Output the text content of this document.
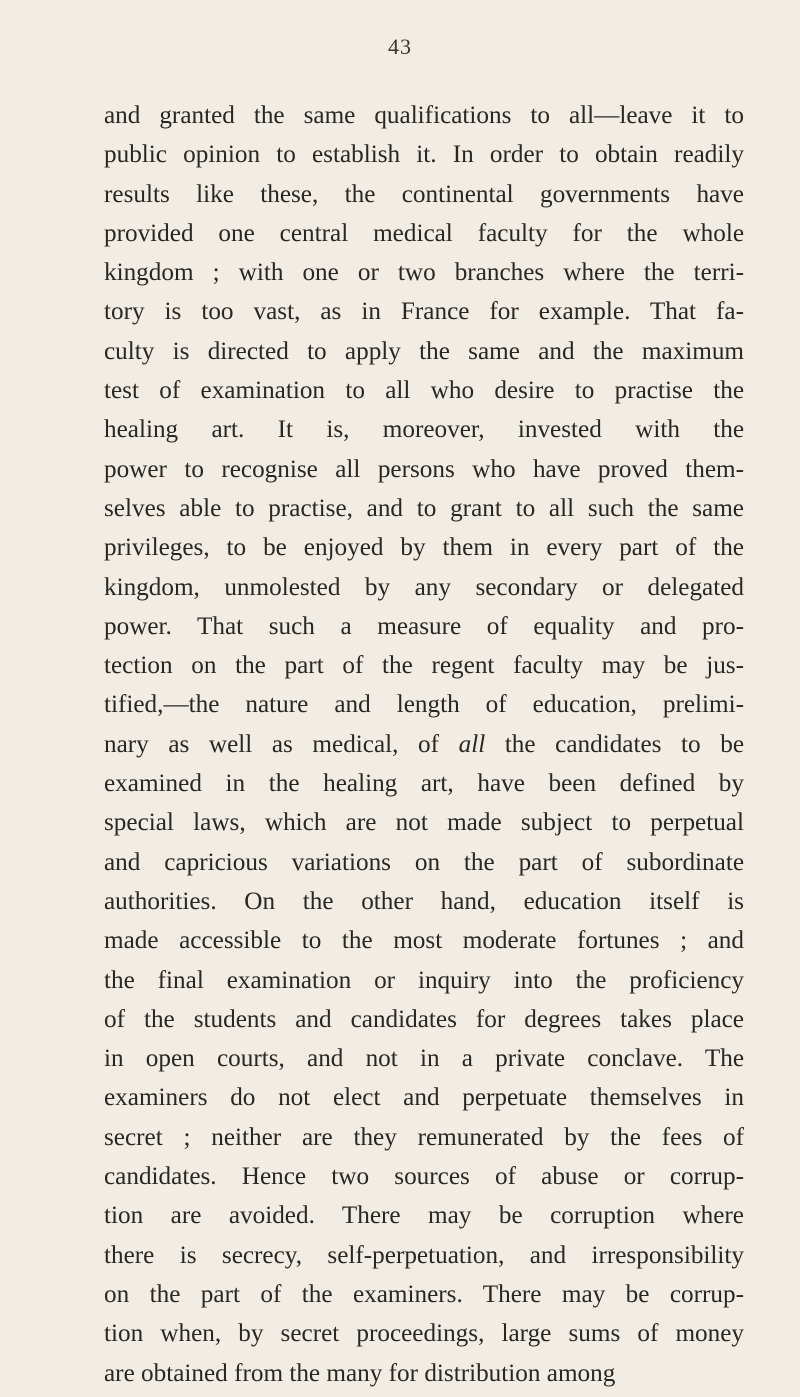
43
and granted the same qualifications to all—leave it to
public opinion to establish it. In order to obtain readily
results like these, the continental governments have
provided one central medical faculty for the whole
kingdom ; with one or two branches where the terri-
tory is too vast, as in France for example. That fa-
culty is directed to apply the same and the maximum
test of examination to all who desire to practise the
healing art. It is, moreover, invested with the
power to recognise all persons who have proved them-
selves able to practise, and to grant to all such the same
privileges, to be enjoyed by them in every part of the
kingdom, unmolested by any secondary or delegated
power. That such a measure of equality and pro-
tection on the part of the regent faculty may be jus-
tified,—the nature and length of education, prelimi-
nary as well as medical, of all the candidates to be
examined in the healing art, have been defined by
special laws, which are not made subject to perpetual
and capricious variations on the part of subordinate
authorities. On the other hand, education itself is
made accessible to the most moderate fortunes ; and
the final examination or inquiry into the proficiency
of the students and candidates for degrees takes place
in open courts, and not in a private conclave. The
examiners do not elect and perpetuate themselves in
secret ; neither are they remunerated by the fees of
candidates. Hence two sources of abuse or corrup-
tion are avoided. There may be corruption where
there is secrecy, self-perpetuation, and irresponsibility
on the part of the examiners. There may be corrup-
tion when, by secret proceedings, large sums of money
are obtained from the many for distribution among
